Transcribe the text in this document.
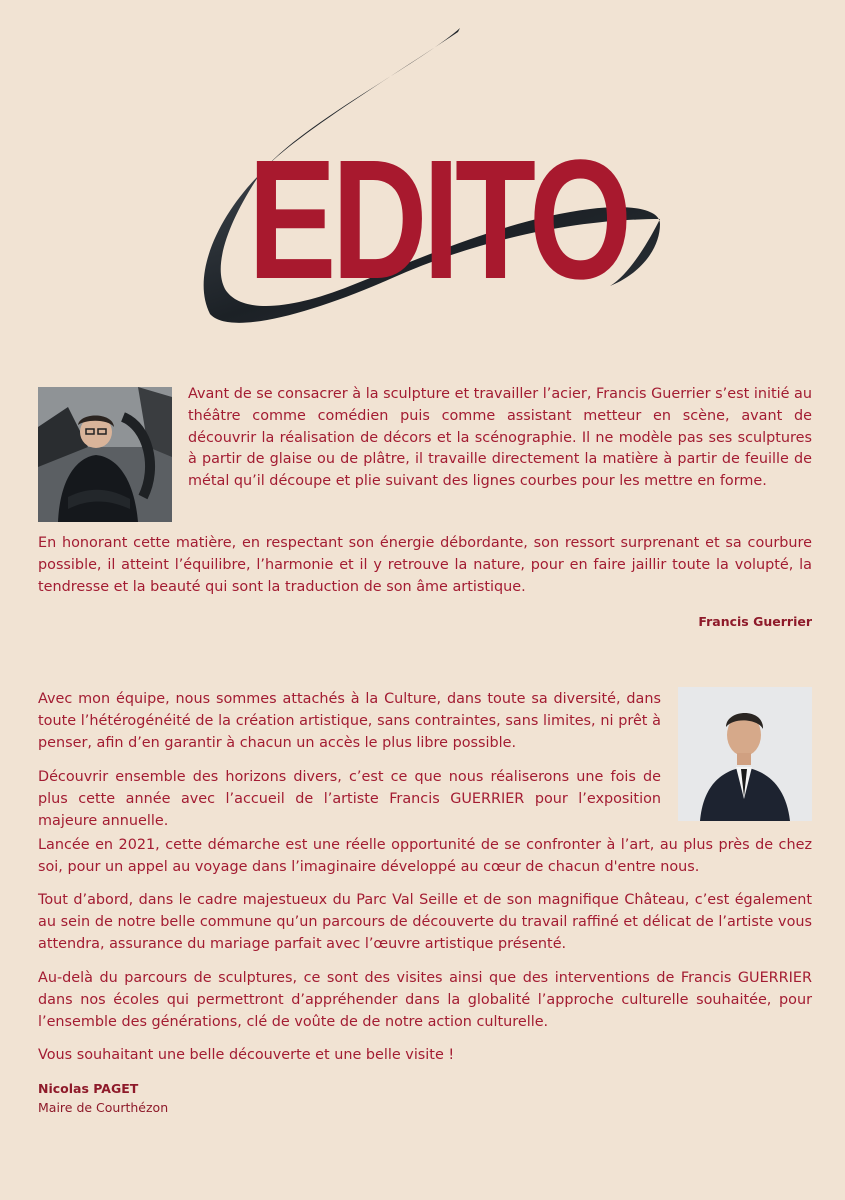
EDITO

Avant de se consacrer à la sculpture et travailler l’acier, Francis Guerrier s’est initié au théâtre comme comédien puis comme assistant metteur en scène, avant de découvrir la réalisation de décors et la scénographie. Il ne modèle pas ses sculptures à partir de glaise ou de plâtre, il travaille directement la matière à partir de feuille de métal qu’il découpe et plie suivant des lignes courbes pour les mettre en forme.

En honorant cette matière, en respectant son énergie débordante, son ressort surprenant et sa courbure possible, il atteint l’équilibre, l’harmonie et il y retrouve la nature, pour en faire jaillir toute la volupté, la tendresse et la beauté qui sont la traduction de son âme artistique.

Francis Guerrier

Avec mon équipe, nous sommes attachés à la Culture, dans toute sa diversité, dans toute l’hétérogénéité de la création artistique, sans contraintes, sans limites, ni prêt à penser, afin d’en garantir à chacun un accès le plus libre possible.

Découvrir ensemble des horizons divers, c’est ce que nous réaliserons une fois de plus cette année avec l’accueil de l’artiste Francis GUERRIER pour l’exposition majeure annuelle.

Lancée en 2021, cette démarche est une réelle opportunité de se confronter à l’art, au plus près de chez soi, pour un appel au voyage dans l’imaginaire développé au cœur de chacun d'entre nous.

Tout d’abord, dans le cadre majestueux du Parc Val Seille et de son magnifique Château, c’est également au sein de notre belle commune qu’un parcours de découverte du travail raffiné et délicat de l’artiste vous attendra, assurance du mariage parfait avec l’œuvre artistique présenté.

Au-delà du parcours de sculptures, ce sont des visites ainsi que des interventions de Francis GUERRIER dans nos écoles qui permettront d’appréhender dans la globalité l’approche culturelle souhaitée, pour l’ensemble des générations, clé de voûte de de notre action culturelle.

Vous souhaitant une belle découverte et une belle visite !

Nicolas PAGET
Maire de Courthézon
